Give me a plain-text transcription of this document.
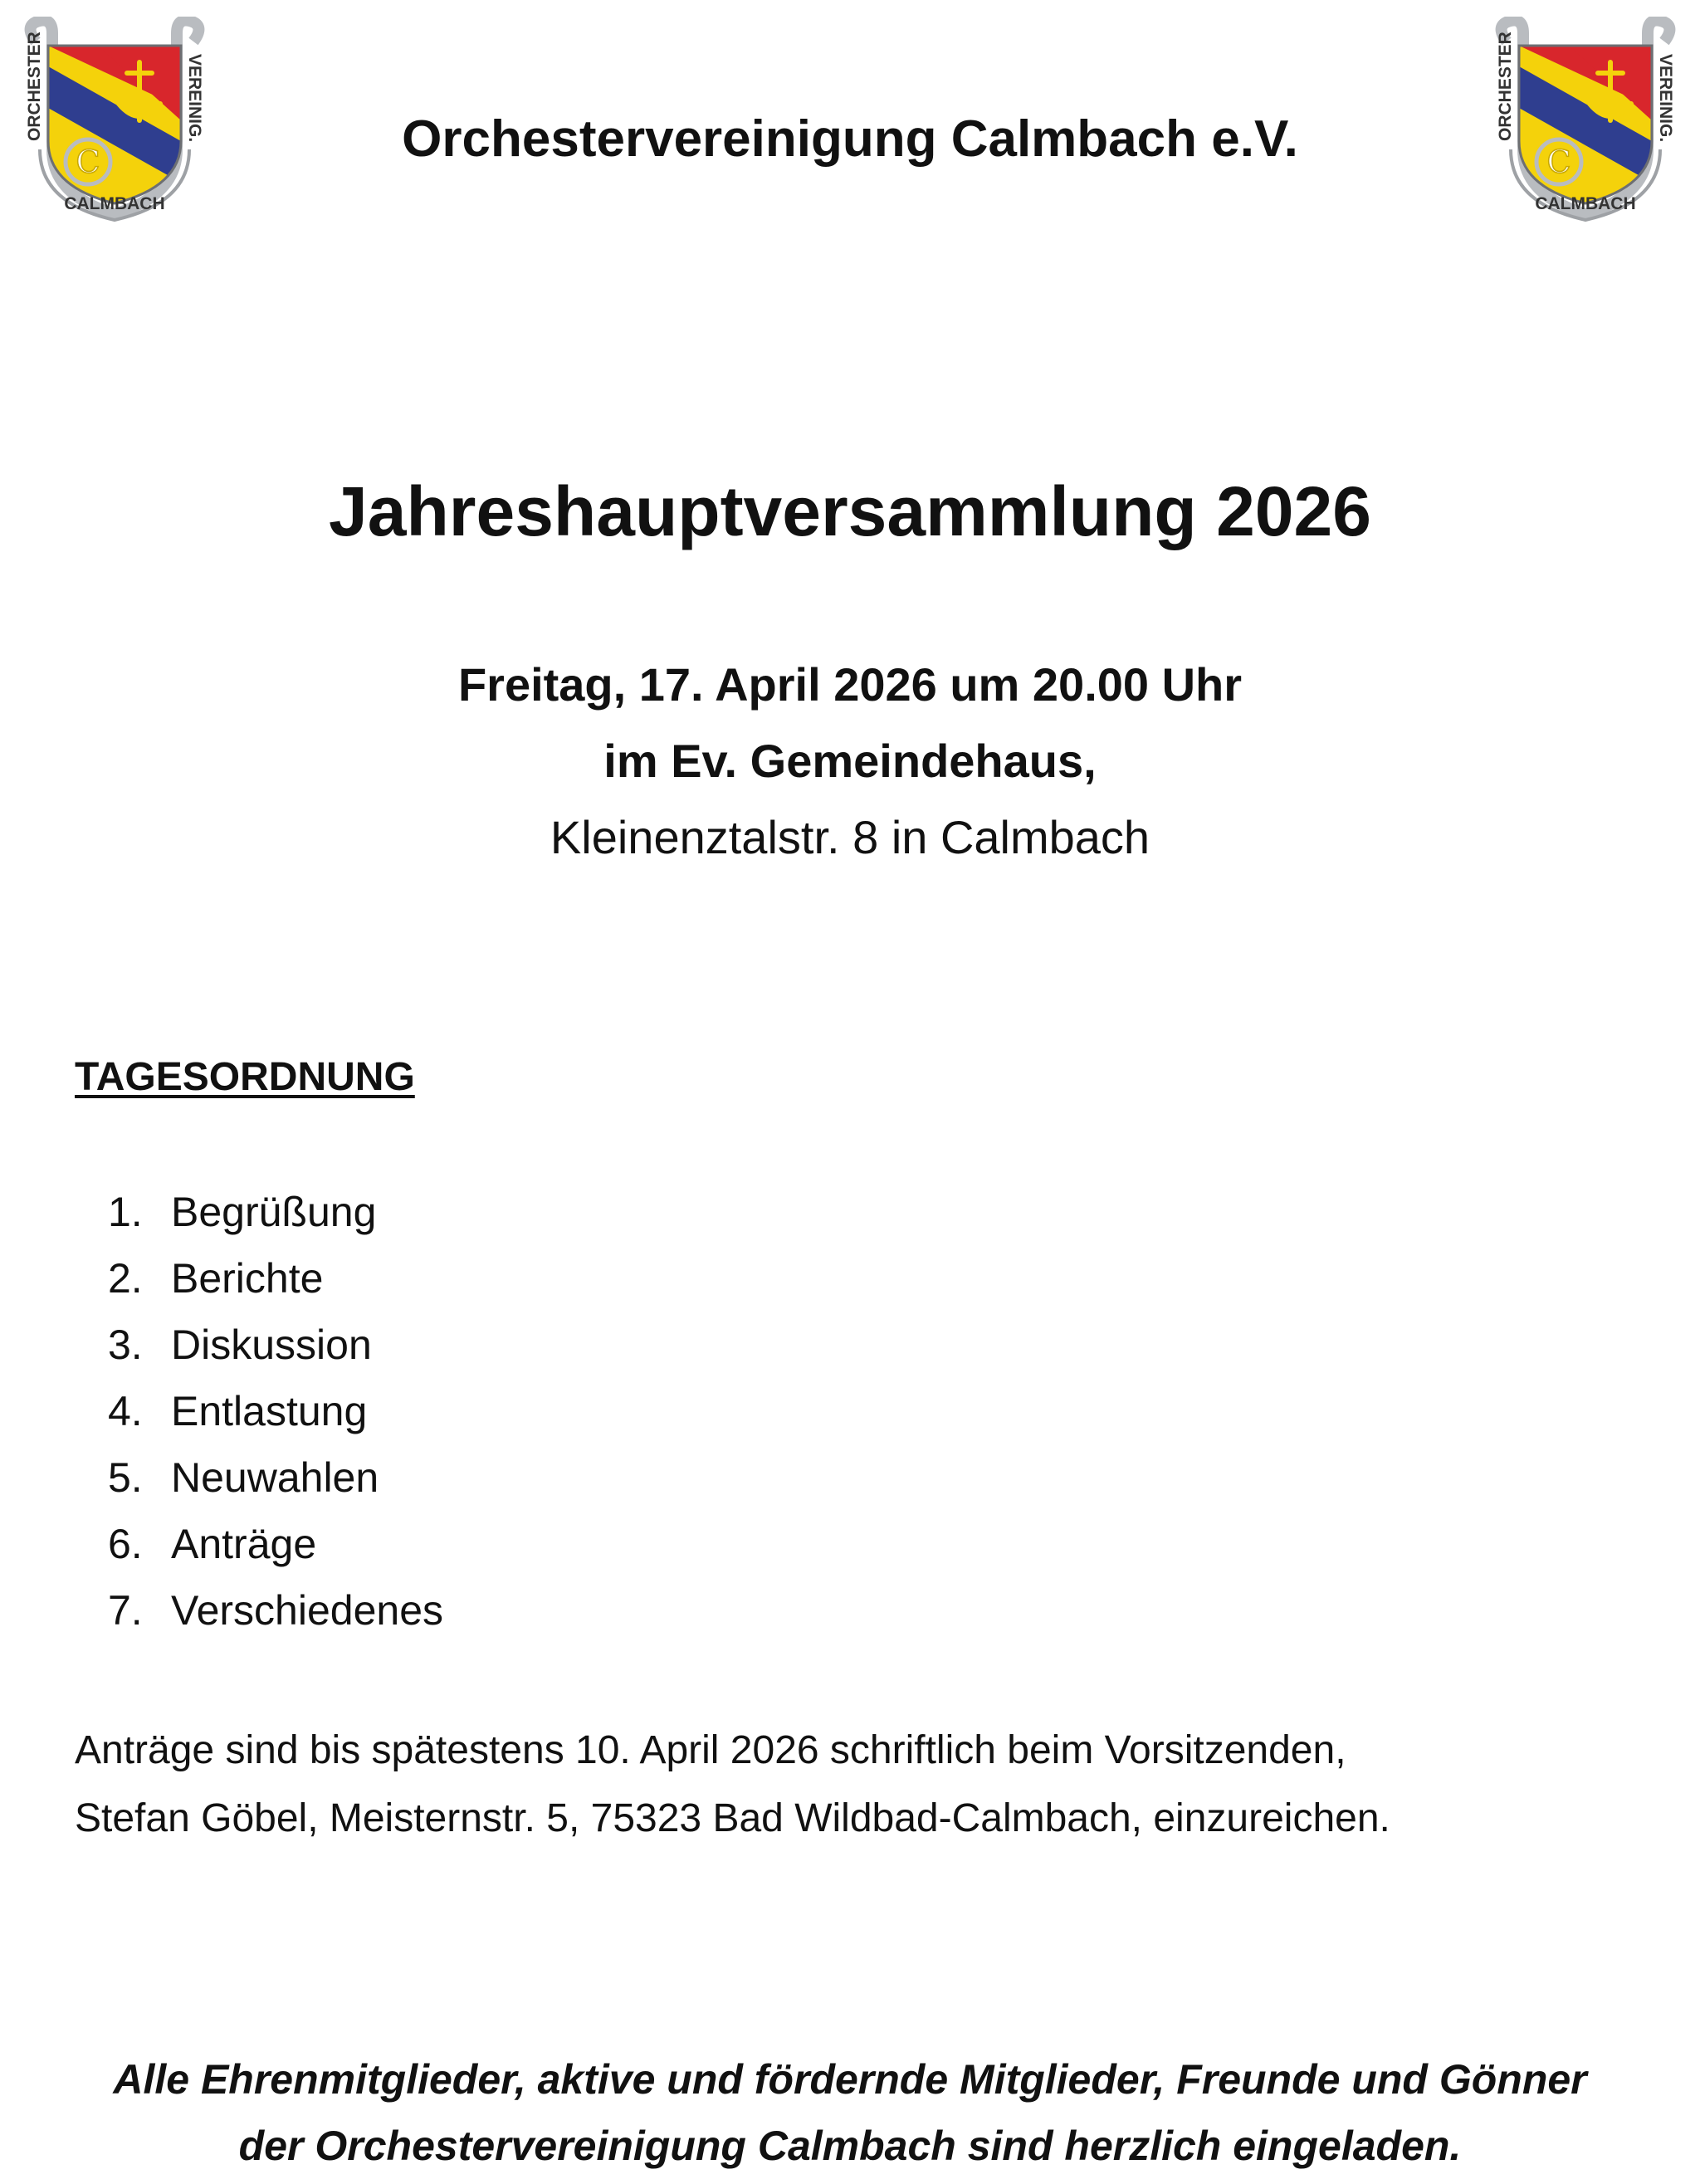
C
ORCHESTER	VEREINIG.
CALMBACH
C
ORCHESTER	VEREINIG.
CALMBACH
Orchestervereinigung Calmbach e.V.
Jahreshauptversammlung 2026
Freitag, 17. April 2026 um 20.00 Uhr
im Ev. Gemeindehaus,
Kleinenztalstr. 8 in Calmbach
TAGESORDNUNG
1. Begrüßung
2. Berichte
3. Diskussion
4. Entlastung
5. Neuwahlen
6. Anträge
7. Verschiedenes
Anträge sind bis spätestens 10. April 2026 schriftlich beim Vorsitzenden,
Stefan Göbel, Meisternstr. 5, 75323 Bad Wildbad-Calmbach, einzureichen.
Alle Ehrenmitglieder, aktive und fördernde Mitglieder, Freunde und Gönner
der Orchestervereinigung Calmbach sind herzlich eingeladen.
